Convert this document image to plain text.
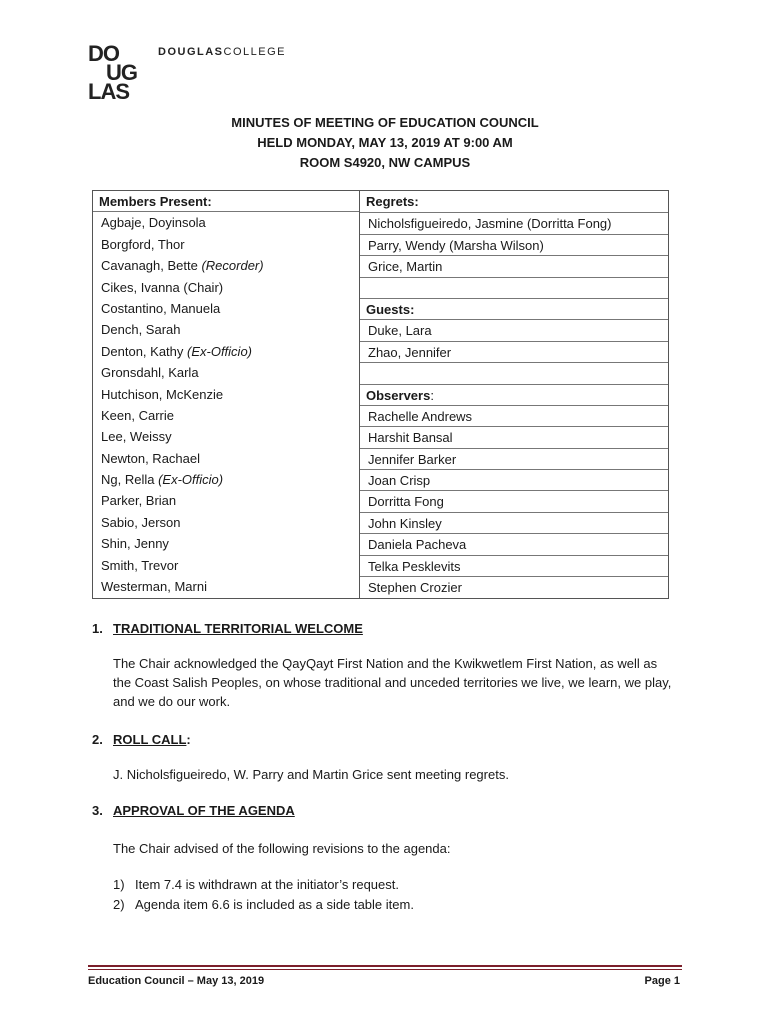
DO
UG
LAS
DOUGLASCOLLEGE
MINUTES OF MEETING OF EDUCATION COUNCIL
HELD MONDAY, MAY 13, 2019 AT 9:00 AM
ROOM S4920, NW CAMPUS
Members Present:
Agbaje, Doyinsola
Borgford, Thor
Cavanagh, Bette (Recorder)
Cikes, Ivanna (Chair)
Costantino, Manuela
Dench, Sarah
Denton, Kathy (Ex-Officio)
Gronsdahl, Karla
Hutchison, McKenzie
Keen, Carrie
Lee, Weissy
Newton, Rachael
Ng, Rella (Ex-Officio)
Parker, Brian
Sabio, Jerson
Shin, Jenny
Smith, Trevor
Westerman, Marni
Regrets:
Nicholsfigueiredo, Jasmine (Dorritta Fong)
Parry, Wendy (Marsha Wilson)
Grice, Martin
Guests:
Duke, Lara
Zhao, Jennifer
Observers:
Rachelle Andrews
Harshit Bansal
Jennifer Barker
Joan Crisp
Dorritta Fong
John Kinsley
Daniela Pacheva
Telka Pesklevits
Stephen Crozier
1. TRADITIONAL TERRITORIAL WELCOME
The Chair acknowledged the QayQayt First Nation and the Kwikwetlem First Nation, as well as the Coast Salish Peoples, on whose traditional and unceded territories we live, we learn, we play, and we do our work.
2. ROLL CALL:
J. Nicholsfigueiredo, W. Parry and Martin Grice sent meeting regrets.
3. APPROVAL OF THE AGENDA
The Chair advised of the following revisions to the agenda:
1) Item 7.4 is withdrawn at the initiator’s request.
2) Agenda item 6.6 is included as a side table item.
Education Council – May 13, 2019	Page 1
